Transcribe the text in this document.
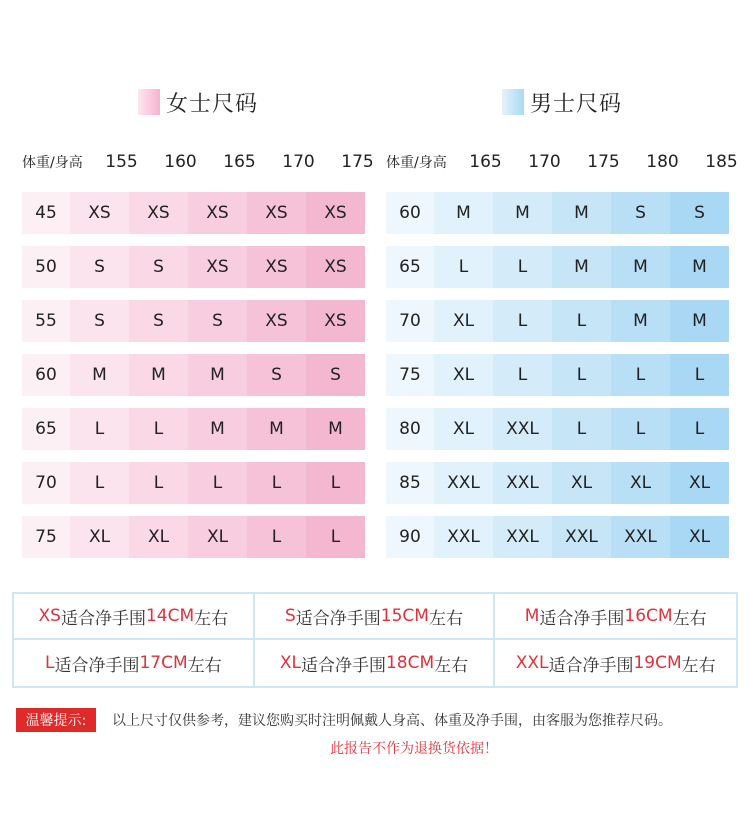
女士尺码	男士尺码
体重/身高	155	160	165	170	175
45	XS	XS	XS	XS	XS
50	S	S	XS	XS	XS
55	S	S	S	XS	XS
60	M	M	M	S	S
65	L	L	M	M	M
70	L	L	L	L	L
75	XL	XL	XL	L	L
体重/身高	165	170	175	180	185
60	M	M	M	S	S
65	L	L	M	M	M
70	XL	L	L	M	M
75	XL	L	L	L	L
80	XL	XXL	L	L	L
85	XXL	XXL	XL	XL	XL
90	XXL	XXL	XXL	XXL	XL
XS 适合净手围 14CM 左右	S 适合净手围 15CM 左右	M 适合净手围 16CM 左右
L 适合净手围 17CM 左右	XL 适合净手围 18CM 左右	XXL 适合净手围 19CM 左右
温馨提示:	以上尺寸仅供参考，建议您购买时注明佩戴人身高、体重及净手围，由客服为您推荐尺码。
此报告不作为退换货依据！
